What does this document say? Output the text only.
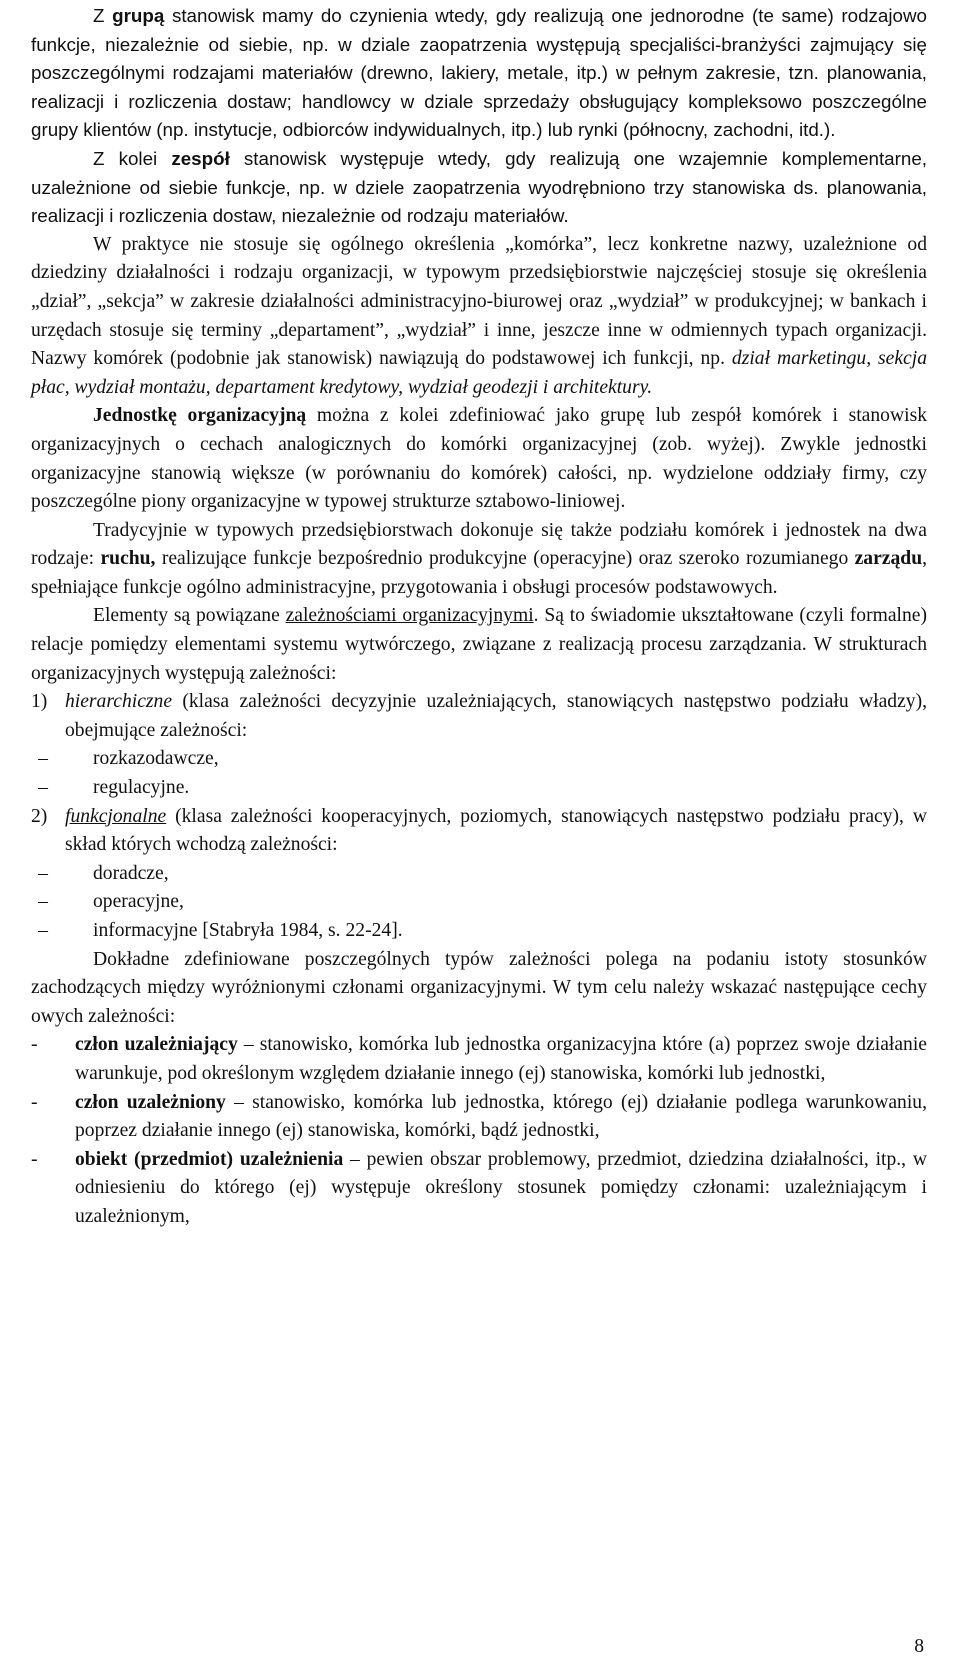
Z grupą stanowisk mamy do czynienia wtedy, gdy realizują one jednorodne (te same) rodzajowo funkcje, niezależnie od siebie, np. w dziale zaopatrzenia występują specjaliści-branżyści zajmujący się poszczególnymi rodzajami materiałów (drewno, lakiery, metale, itp.) w pełnym zakresie, tzn. planowania, realizacji i rozliczenia dostaw; handlowcy w dziale sprzedaży obsługujący kompleksowo poszczególne grupy klientów (np. instytucje, odbiorców indywidualnych, itp.) lub rynki (północny, zachodni, itd.).

Z kolei zespół stanowisk występuje wtedy, gdy realizują one wzajemnie komplementarne, uzależnione od siebie funkcje, np. w dziele zaopatrzenia wyodrębniono trzy stanowiska ds. planowania, realizacji i rozliczenia dostaw, niezależnie od rodzaju materiałów.

W praktyce nie stosuje się ogólnego określenia „komórka”, lecz konkretne nazwy, uzależnione od dziedziny działalności i rodzaju organizacji, w typowym przedsiębiorstwie najczęściej stosuje się określenia „dział”, „sekcja” w zakresie działalności administracyjno-biurowej oraz „wydział” w produkcyjnej; w bankach i urzędach stosuje się terminy „departament”, „wydział” i inne, jeszcze inne w odmiennych typach organizacji. Nazwy komórek (podobnie jak stanowisk) nawiązują do podstawowej ich funkcji, np. dział marketingu, sekcja płac, wydział montażu, departament kredytowy, wydział geodezji i architektury.

Jednostkę organizacyjną można z kolei zdefiniować jako grupę lub zespół komórek i stanowisk organizacyjnych o cechach analogicznych do komórki organizacyjnej (zob. wyżej). Zwykle jednostki organizacyjne stanowią większe (w porównaniu do komórek) całości, np. wydzielone oddziały firmy, czy poszczególne piony organizacyjne w typowej strukturze sztabowo-liniowej.

Tradycyjnie w typowych przedsiębiorstwach dokonuje się także podziału komórek i jednostek na dwa rodzaje: ruchu, realizujące funkcje bezpośrednio produkcyjne (operacyjne) oraz szeroko rozumianego zarządu, spełniające funkcje ogólno administracyjne, przygotowania i obsługi procesów podstawowych.

Elementy są powiązane zależnościami organizacyjnymi. Są to świadomie ukształtowane (czyli formalne) relacje pomiędzy elementami systemu wytwórczego, związane z realizacją procesu zarządzania. W strukturach organizacyjnych występują zależności:

1) hierarchiczne (klasa zależności decyzyjnie uzależniających, stanowiących następstwo podziału władzy), obejmujące zależności:

–	rozkazodawcze,

–	regulacyjne.

2) funkcjonalne (klasa zależności kooperacyjnych, poziomych, stanowiących następstwo podziału pracy), w skład których wchodzą zależności:

–	doradcze,

–	operacyjne,

–	informacyjne [Stabryła 1984, s. 22-24].

Dokładne zdefiniowane poszczególnych typów zależności polega na podaniu istoty stosunków zachodzących między wyróżnionymi członami organizacyjnymi. W tym celu należy wskazać następujące cechy owych zależności:

- człon uzależniający – stanowisko, komórka lub jednostka organizacyjna które (a) poprzez swoje działanie warunkuje, pod określonym względem działanie innego (ej) stanowiska, komórki lub jednostki,

- człon uzależniony – stanowisko, komórka lub jednostka, którego (ej) działanie podlega warunkowaniu, poprzez działanie innego (ej) stanowiska, komórki, bądź jednostki,

- obiekt (przedmiot) uzależnienia – pewien obszar problemowy, przedmiot, dziedzina działalności, itp., w odniesieniu do którego (ej) występuje określony stosunek pomiędzy członami: uzależniającym i uzależnionym,

8
